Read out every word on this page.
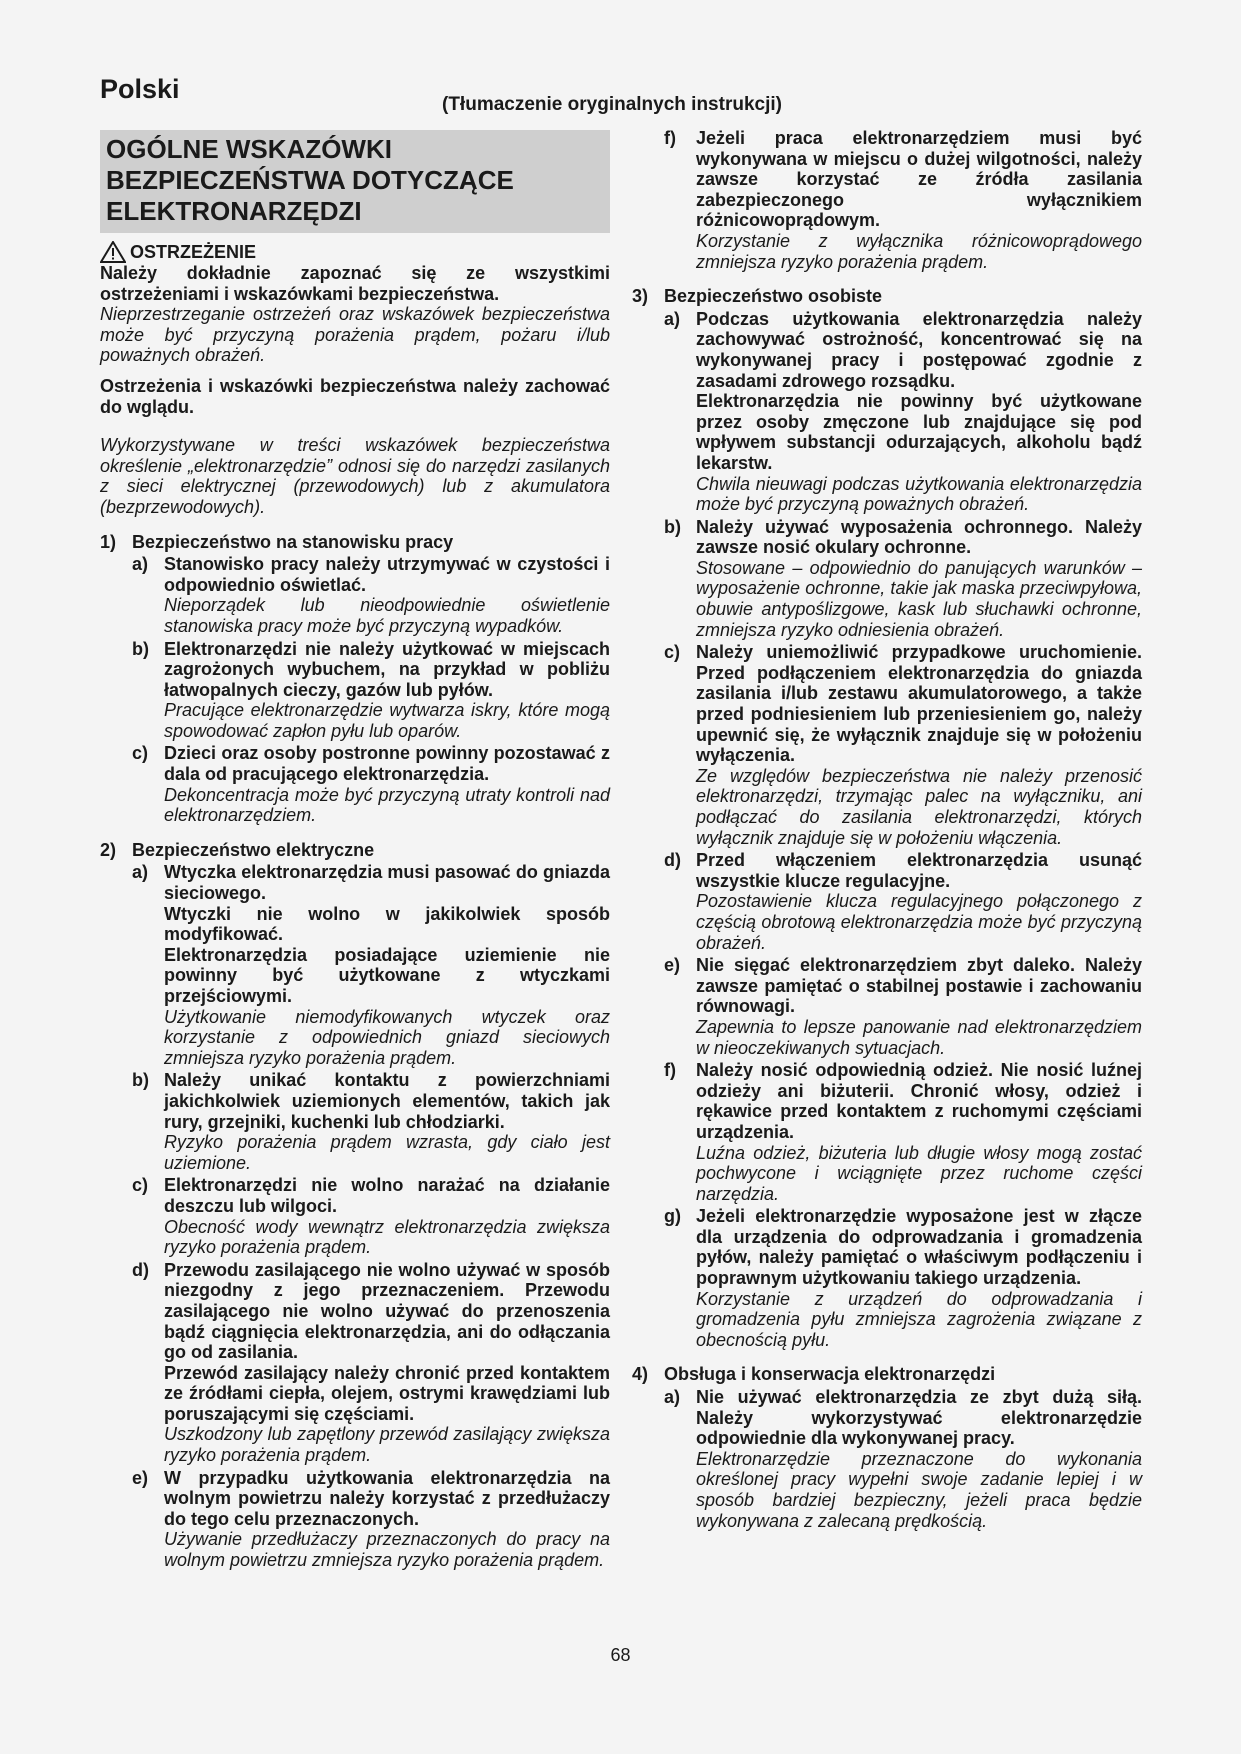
Polski
(Tłumaczenie oryginalnych instrukcji)
OGÓLNE WSKAZÓWKI BEZPIECZEŃSTWA DOTYCZĄCE ELEKTRONARZĘDZI
OSTRZEŻENIE
Należy dokładnie zapoznać się ze wszystkimi ostrzeżeniami i wskazówkami bezpieczeństwa.
Nieprzestrzeganie ostrzeżeń oraz wskazówek bezpieczeństwa może być przyczyną porażenia prądem, pożaru i/lub poważnych obrażeń.
Ostrzeżenia i wskazówki bezpieczeństwa należy zachować do wglądu.
Wykorzystywane w treści wskazówek bezpieczeństwa określenie „elektronarzędzie” odnosi się do narzędzi zasilanych z sieci elektrycznej (przewodowych) lub z akumulatora (bezprzewodowych).
1) Bezpieczeństwo na stanowisku pracy
a) Stanowisko pracy należy utrzymywać w czystości i odpowiednio oświetlać.
Nieporządek lub nieodpowiednie oświetlenie stanowiska pracy może być przyczyną wypadków.
b) Elektronarzędzi nie należy użytkować w miejscach zagrożonych wybuchem, na przykład w pobliżu łatwopalnych cieczy, gazów lub pyłów.
Pracujące elektronarzędzie wytwarza iskry, które mogą spowodować zapłon pyłu lub oparów.
c) Dzieci oraz osoby postronne powinny pozostawać z dala od pracującego elektronarzędzia.
Dekoncentracja może być przyczyną utraty kontroli nad elektronarzędziem.
2) Bezpieczeństwo elektryczne
a) Wtyczka elektronarzędzia musi pasować do gniazda sieciowego.
Wtyczki nie wolno w jakikolwiek sposób modyfikować.
Elektronarzędzia posiadające uziemienie nie powinny być użytkowane z wtyczkami przejściowymi.
Użytkowanie niemodyfikowanych wtyczek oraz korzystanie z odpowiednich gniazd sieciowych zmniejsza ryzyko porażenia prądem.
b) Należy unikać kontaktu z powierzchniami jakichkolwiek uziemionych elementów, takich jak rury, grzejniki, kuchenki lub chłodziarki.
Ryzyko porażenia prądem wzrasta, gdy ciało jest uziemione.
c) Elektronarzędzi nie wolno narażać na działanie deszczu lub wilgoci.
Obecność wody wewnątrz elektronarzędzia zwiększa ryzyko porażenia prądem.
d) Przewodu zasilającego nie wolno używać w sposób niezgodny z jego przeznaczeniem. Przewodu zasilającego nie wolno używać do przenoszenia bądź ciągnięcia elektronarzędzia, ani do odłączania go od zasilania.
Przewód zasilający należy chronić przed kontaktem ze źródłami ciepła, olejem, ostrymi krawędziami lub poruszającymi się częściami.
Uszkodzony lub zapętlony przewód zasilający zwiększa ryzyko porażenia prądem.
e) W przypadku użytkowania elektronarzędzia na wolnym powietrzu należy korzystać z przedłużaczy do tego celu przeznaczonych.
Używanie przedłużaczy przeznaczonych do pracy na wolnym powietrzu zmniejsza ryzyko porażenia prądem.
f)	Jeżeli praca elektronarzędziem musi być wykonywana w miejscu o dużej wilgotności, należy zawsze korzystać ze źródła zasilania zabezpieczonego wyłącznikiem różnicowoprądowym.
Korzystanie z wyłącznika różnicowoprądowego zmniejsza ryzyko porażenia prądem.
3) Bezpieczeństwo osobiste
a) Podczas użytkowania elektronarzędzia należy zachowywać ostrożność, koncentrować się na wykonywanej pracy i postępować zgodnie z zasadami zdrowego rozsądku.
Elektronarzędzia nie powinny być użytkowane przez osoby zmęczone lub znajdujące się pod wpływem substancji odurzających, alkoholu bądź lekarstw.
Chwila nieuwagi podczas użytkowania elektronarzędzia może być przyczyną poważnych obrażeń.
b) Należy używać wyposażenia ochronnego. Należy zawsze nosić okulary ochronne.
Stosowane – odpowiednio do panujących warunków – wyposażenie ochronne, takie jak maska przeciwpyłowa, obuwie antypoślizgowe, kask lub słuchawki ochronne, zmniejsza ryzyko odniesienia obrażeń.
c) Należy uniemożliwić przypadkowe uruchomienie. Przed podłączeniem elektronarzędzia do gniazda zasilania i/lub zestawu akumulatorowego, a także przed podniesieniem lub przeniesieniem go, należy upewnić się, że wyłącznik znajduje się w położeniu wyłączenia.
Ze względów bezpieczeństwa nie należy przenosić elektronarzędzi, trzymając palec na wyłączniku, ani podłączać do zasilania elektronarzędzi, których wyłącznik znajduje się w położeniu włączenia.
d) Przed włączeniem elektronarzędzia usunąć wszystkie klucze regulacyjne.
Pozostawienie klucza regulacyjnego połączonego z częścią obrotową elektronarzędzia może być przyczyną obrażeń.
e) Nie sięgać elektronarzędziem zbyt daleko. Należy zawsze pamiętać o stabilnej postawie i zachowaniu równowagi.
Zapewnia to lepsze panowanie nad elektronarzędziem w nieoczekiwanych sytuacjach.
f)	Należy nosić odpowiednią odzież. Nie nosić luźnej odzieży ani biżuterii. Chronić włosy, odzież i rękawice przed kontaktem z ruchomymi częściami urządzenia.
Luźna odzież, biżuteria lub długie włosy mogą zostać pochwycone i wciągnięte przez ruchome części narzędzia.
g) Jeżeli elektronarzędzie wyposażone jest w złącze dla urządzenia do odprowadzania i gromadzenia pyłów, należy pamiętać o właściwym podłączeniu i poprawnym użytkowaniu takiego urządzenia.
Korzystanie z urządzeń do odprowadzania i gromadzenia pyłu zmniejsza zagrożenia związane z obecnością pyłu.
4) Obsługa i konserwacja elektronarzędzi
a) Nie używać elektronarzędzia ze zbyt dużą siłą. Należy wykorzystywać elektronarzędzie odpowiednie dla wykonywanej pracy.
Elektronarzędzie przeznaczone do wykonania określonej pracy wypełni swoje zadanie lepiej i w sposób bardziej bezpieczny, jeżeli praca będzie wykonywana z zalecaną prędkością.
68
